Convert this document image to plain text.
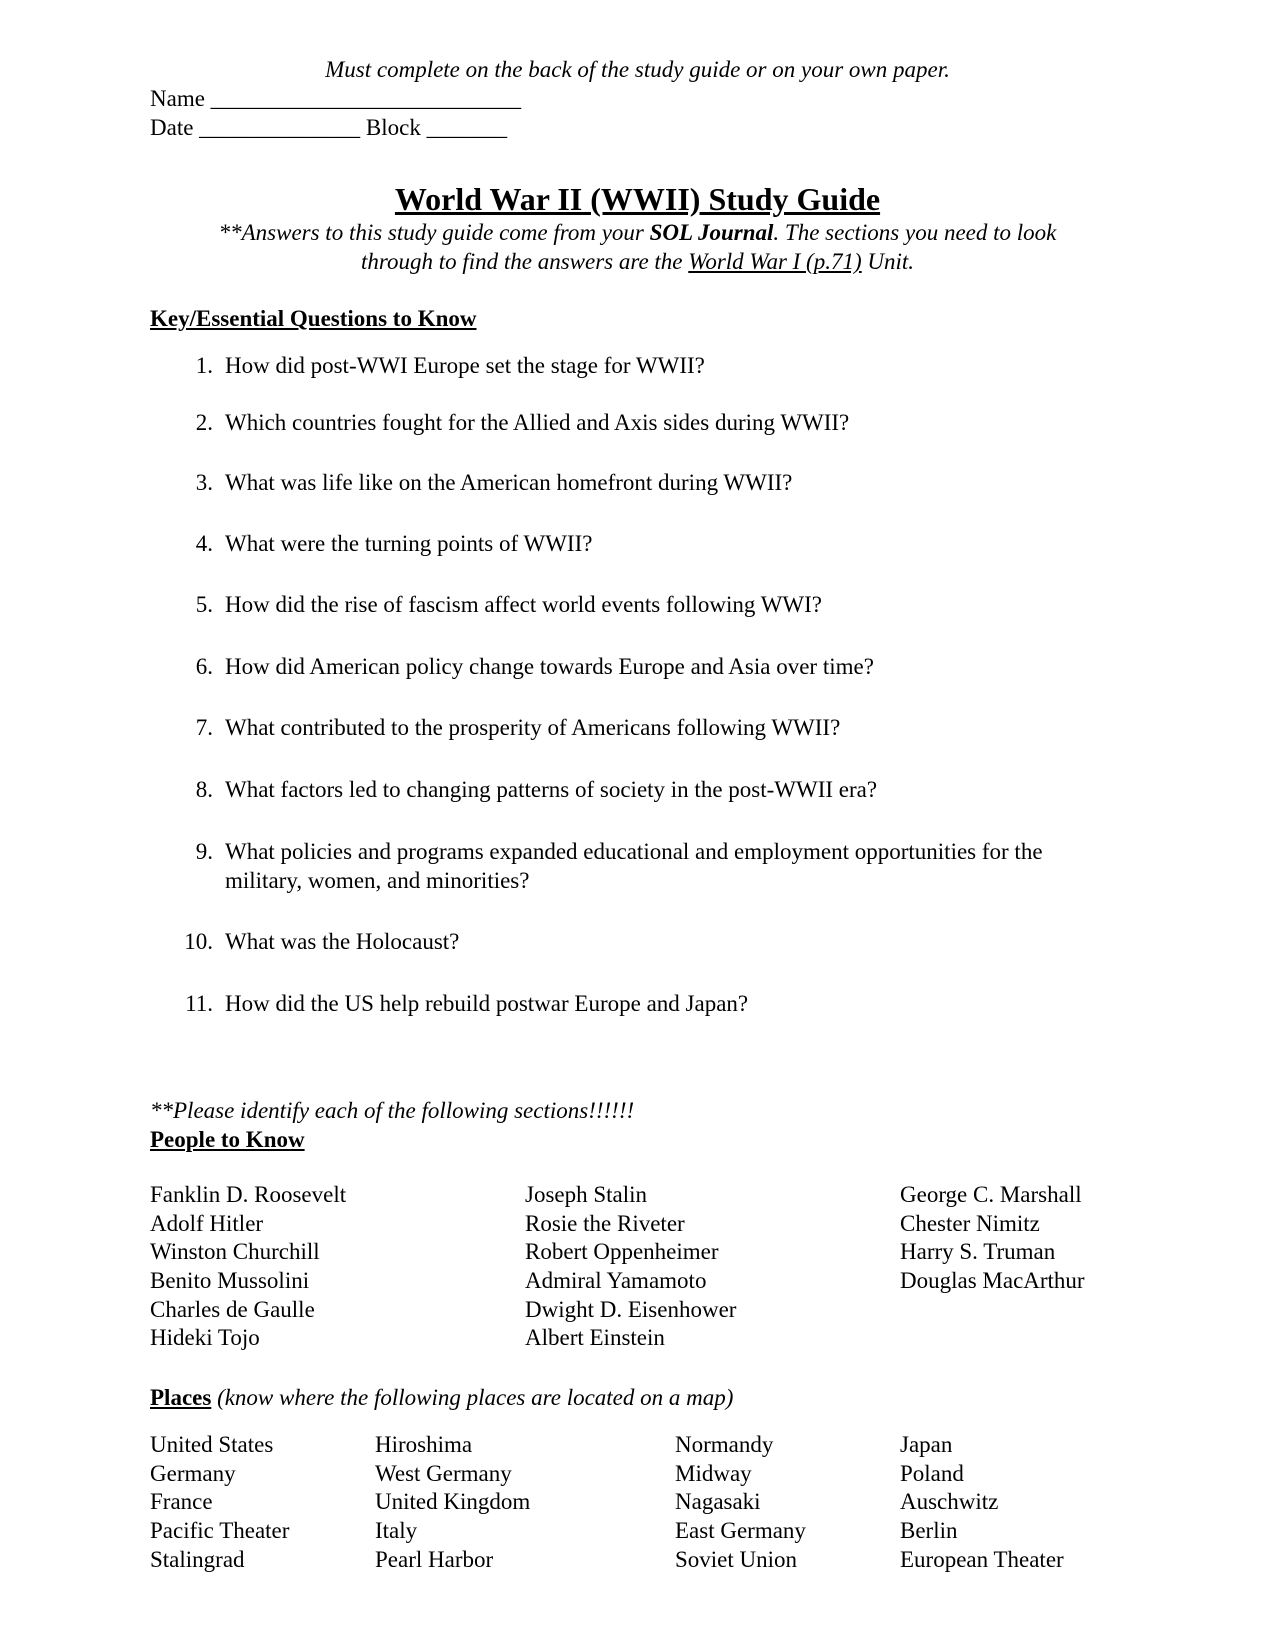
Must complete on the back of the study guide or on your own paper.
Name ___________________________
Date ______________ Block _______
World War II (WWII) Study Guide
**Answers to this study guide come from your SOL Journal. The sections you need to look
through to find the answers are the World War I (p.71) Unit.
Key/Essential Questions to Know
1. How did post-WWI Europe set the stage for WWII?
2. Which countries fought for the Allied and Axis sides during WWII?
3. What was life like on the American homefront during WWII?
4. What were the turning points of WWII?
5. How did the rise of fascism affect world events following WWI?
6. How did American policy change towards Europe and Asia over time?
7. What contributed to the prosperity of Americans following WWII?
8. What factors led to changing patterns of society in the post-WWII era?
9. What policies and programs expanded educational and employment opportunities for the military, women, and minorities?
10. What was the Holocaust?
11. How did the US help rebuild postwar Europe and Japan?
**Please identify each of the following sections!!!!!!
People to Know
Fanklin D. Roosevelt
Adolf Hitler
Winston Churchill
Benito Mussolini
Charles de Gaulle
Hideki Tojo
Joseph Stalin
Rosie the Riveter
Robert Oppenheimer
Admiral Yamamoto
Dwight D. Eisenhower
Albert Einstein
George C. Marshall
Chester Nimitz
Harry S. Truman
Douglas MacArthur
Places (know where the following places are located on a map)
United States
Germany
France
Pacific Theater
Stalingrad
Hiroshima
West Germany
United Kingdom
Italy
Pearl Harbor
Normandy
Midway
Nagasaki
East Germany
Soviet Union
Japan
Poland
Auschwitz
Berlin
European Theater
